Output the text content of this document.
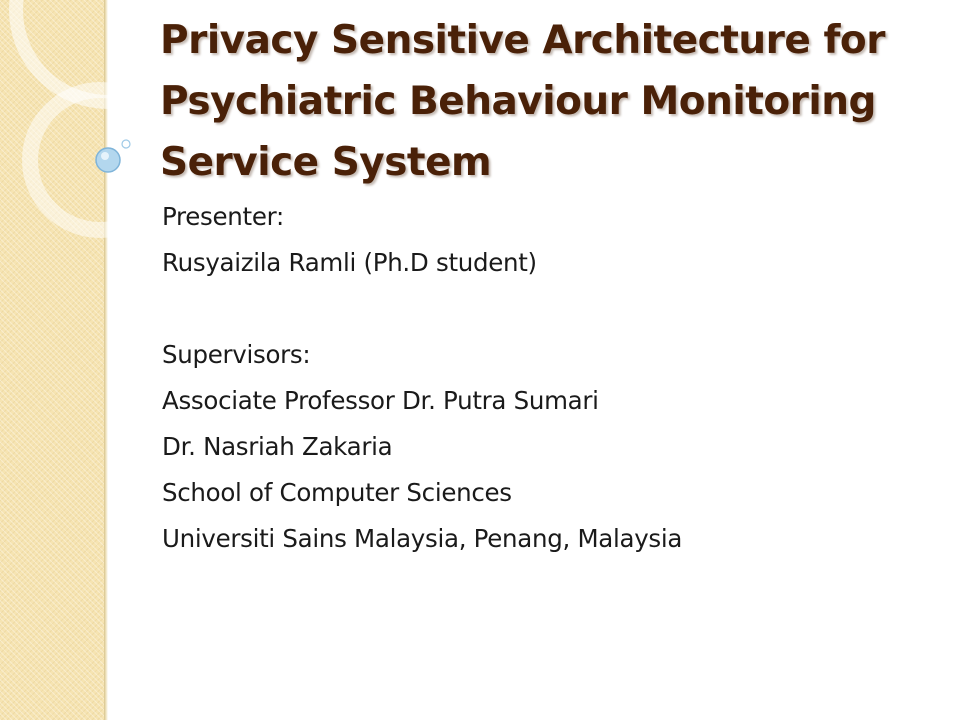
Privacy Sensitive Architecture for
Psychiatric Behaviour Monitoring
Service System
Presenter:
Rusyaizila Ramli (Ph.D student)
Supervisors:
Associate Professor Dr. Putra Sumari
Dr. Nasriah Zakaria
School of Computer Sciences
Universiti Sains Malaysia, Penang, Malaysia
